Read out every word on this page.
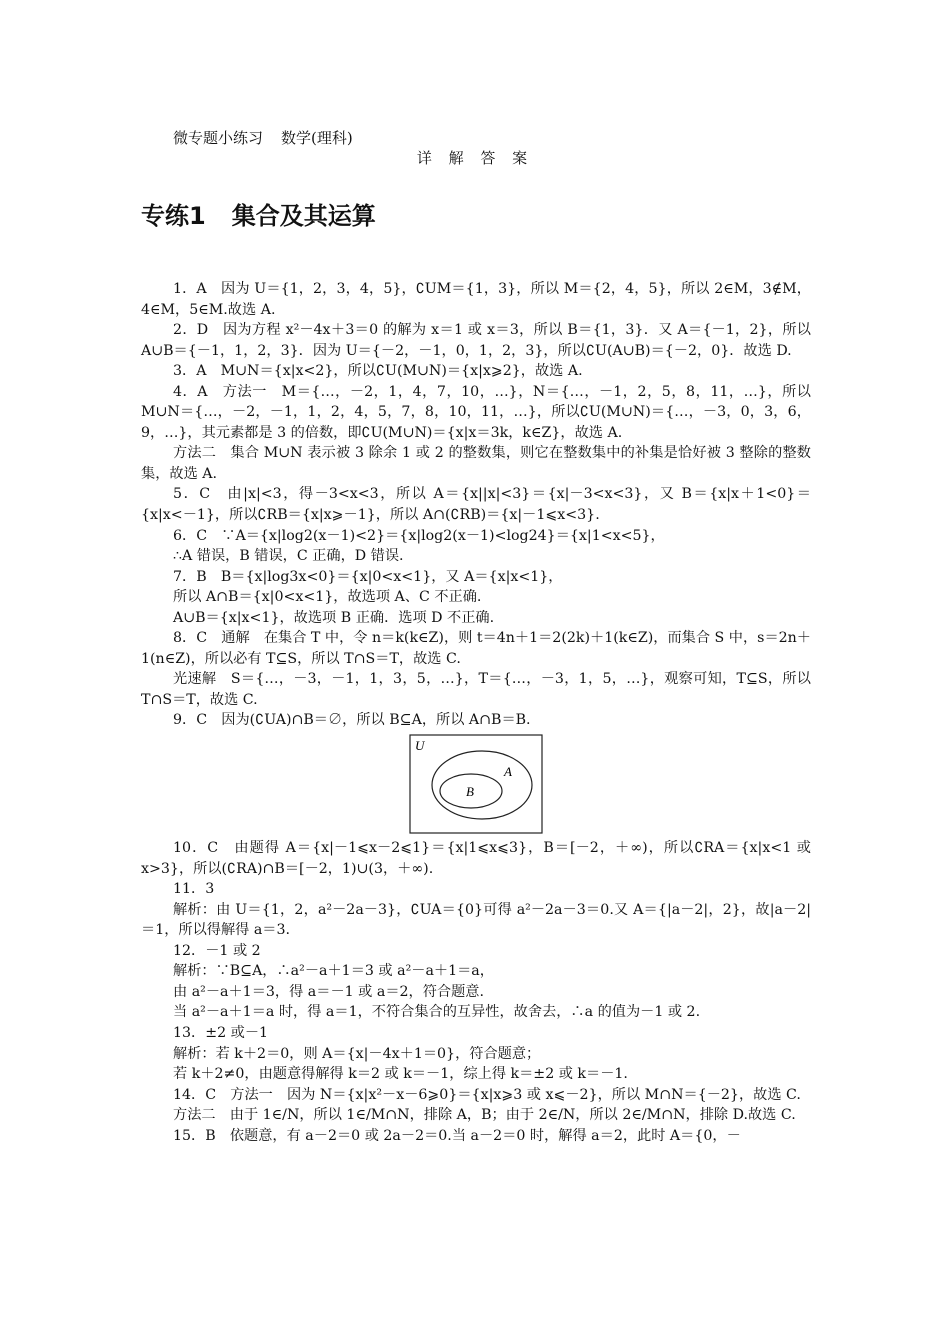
微专题小练习 数学(理科)
详 解 答 案
专练1 集合及其运算

1．A　因为 U＝{1，2，3，4，5}，∁UM＝{1，3}，所以 M＝{2，4，5}，所以 2∈M，3∉M，4∈M，5∈M.故选 A.

2．D　因为方程 x²－4x＋3＝0 的解为 x＝1 或 x＝3，所以 B＝{1，3}．又 A＝{－1，2}，所以 A∪B＝{－1，1，2，3}．因为 U＝{－2，－1，0，1，2，3}，所以∁U(A∪B)＝{－2，0}．故选 D.

3．A　M∪N＝{x|x<2}，所以∁U(M∪N)＝{x|x⩾2}，故选 A.

4．A　方法一　M＝{…，－2，1，4，7，10，…}，N＝{…，－1，2，5，8，11，…}，所以 M∪N＝{…，－2，－1，1，2，4，5，7，8，10，11，…}，所以∁U(M∪N)＝{…，－3，0，3，6，9，…}，其元素都是 3 的倍数，即∁U(M∪N)＝{x|x＝3k，k∈Z}，故选 A.

方法二　集合 M∪N 表示被 3 除余 1 或 2 的整数集，则它在整数集中的补集是恰好被 3 整除的整数集，故选 A.

5．C　由|x|<3，得－3<x<3，所以 A＝{x||x|<3}＝{x|－3<x<3}，又 B＝{x|x＋1<0}＝{x|x<－1}，所以∁RB＝{x|x⩾－1}，所以 A∩(∁RB)＝{x|－1⩽x<3}.

6．C　∵A＝{x|log2(x－1)<2}＝{x|log2(x－1)<log24}＝{x|1<x<5}，

∴A 错误，B 错误，C 正确，D 错误.

7．B　B＝{x|log3x<0}＝{x|0<x<1}，又 A＝{x|x<1}，

所以 A∩B＝{x|0<x<1}，故选项 A、C 不正确.

A∪B＝{x|x<1}，故选项 B 正确．选项 D 不正确.

8．C　通解　在集合 T 中，令 n＝k(k∈Z)，则 t＝4n＋1＝2(2k)＋1(k∈Z)，而集合 S 中，s＝2n＋1(n∈Z)，所以必有 T⊆S，所以 T∩S＝T，故选 C.

光速解　S＝{…，－3，－1，1，3，5，…}，T＝{…，－3，1，5，…}，观察可知，T⊆S，所以 T∩S＝T，故选 C.

9．C　因为(∁UA)∩B＝∅，所以 B⊆A，所以 A∩B＝B.

U
A
B

10．C　由题得 A＝{x|－1⩽x－2⩽1}＝{x|1⩽x⩽3}，B＝[－2，＋∞)，所以∁RA＝{x|x<1 或 x>3}，所以(∁RA)∩B＝[－2，1)∪(3，＋∞).

11．3

解析：由 U＝{1，2，a²－2a－3}，∁UA＝{0}可得 a²－2a－3＝0.又 A＝{|a－2|，2}，故|a－2|＝1，所以得解得 a＝3.

12．－1 或 2

解析：∵B⊆A，∴a²－a＋1＝3 或 a²－a＋1＝a，

由 a²－a＋1＝3，得 a＝－1 或 a＝2，符合题意.

当 a²－a＋1＝a 时，得 a＝1，不符合集合的互异性，故舍去，∴a 的值为－1 或 2.

13．±2 或－1

解析：若 k＋2＝0，则 A＝{x|－4x＋1＝0}，符合题意；

若 k＋2≠0，由题意得解得 k＝2 或 k＝－1，综上得 k＝±2 或 k＝－1.

14．C　方法一　因为 N＝{x|x²－x－6⩾0}＝{x|x⩾3 或 x⩽－2}，所以 M∩N＝{－2}，故选 C.

方法二　由于 1∈/N，所以 1∈/M∩N，排除 A，B；由于 2∈/N，所以 2∈/M∩N，排除 D.故选 C.

15．B　依题意，有 a－2＝0 或 2a－2＝0.当 a－2＝0 时，解得 a＝2，此时 A＝{0，－
